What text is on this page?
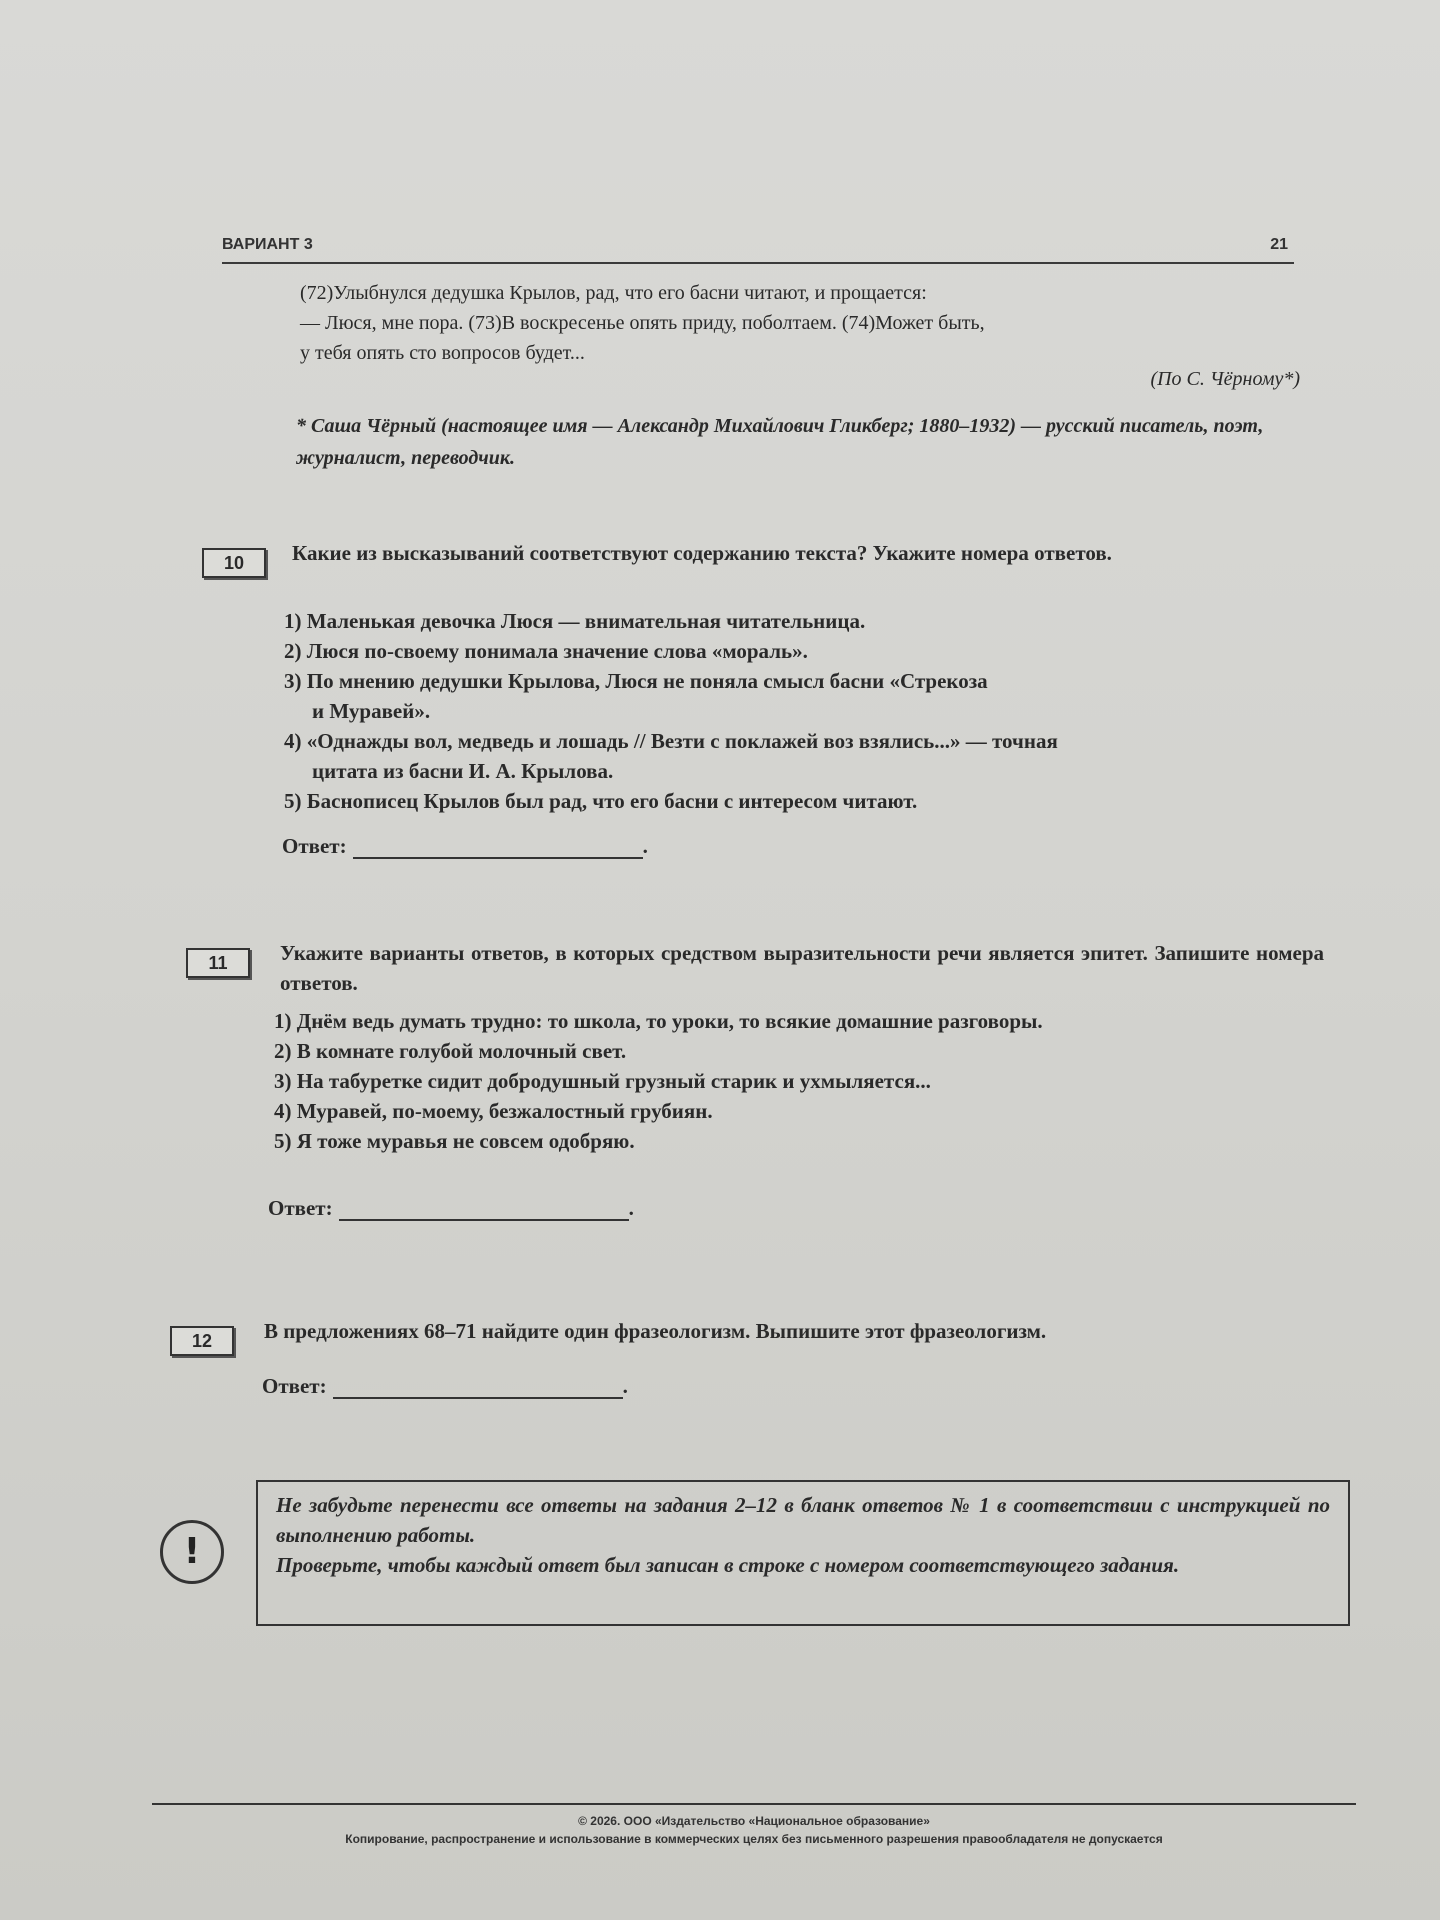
ВАРИАНТ 3	21
(72)Улыбнулся дедушка Крылов, рад, что его басни читают, и прощается:
— Люся, мне пора. (73)В воскресенье опять приду, поболтаем. (74)Может быть,
у тебя опять сто вопросов будет...
(По С. Чёрному*)
* Саша Чёрный (настоящее имя — Александр Михайлович Гликберг; 1880–1932) — русский писатель, поэт, журналист, переводчик.
10	Какие из высказываний соответствуют содержанию текста? Укажите номера ответов.
1) Маленькая девочка Люся — внимательная читательница.
2) Люся по-своему понимала значение слова «мораль».
3) По мнению дедушки Крылова, Люся не поняла смысл басни «Стрекоза
и Муравей».
4) «Однажды вол, медведь и лошадь // Везти с поклажей воз взялись...» — точная
цитата из басни И. А. Крылова.
5) Баснописец Крылов был рад, что его басни с интересом читают.
Ответ:	.
11	Укажите варианты ответов, в которых средством выразительности речи является эпитет. Запишите номера ответов.
1) Днём ведь думать трудно: то школа, то уроки, то всякие домашние разговоры.
2) В комнате голубой молочный свет.
3) На табуретке сидит добродушный грузный старик и ухмыляется...
4) Муравей, по-моему, безжалостный грубиян.
5) Я тоже муравья не совсем одобряю.
Ответ:	.
12	В предложениях 68–71 найдите один фразеологизм. Выпишите этот фразеологизм.
Ответ:	.
!
Не забудьте перенести все ответы на задания 2–12 в бланк ответов № 1 в соответствии с инструкцией по выполнению работы.
Проверьте, чтобы каждый ответ был записан в строке с номером соответствующего задания.
© 2026. ООО «Издательство «Национальное образование»
Копирование, распространение и использование в коммерческих целях без письменного разрешения правообладателя не допускается
